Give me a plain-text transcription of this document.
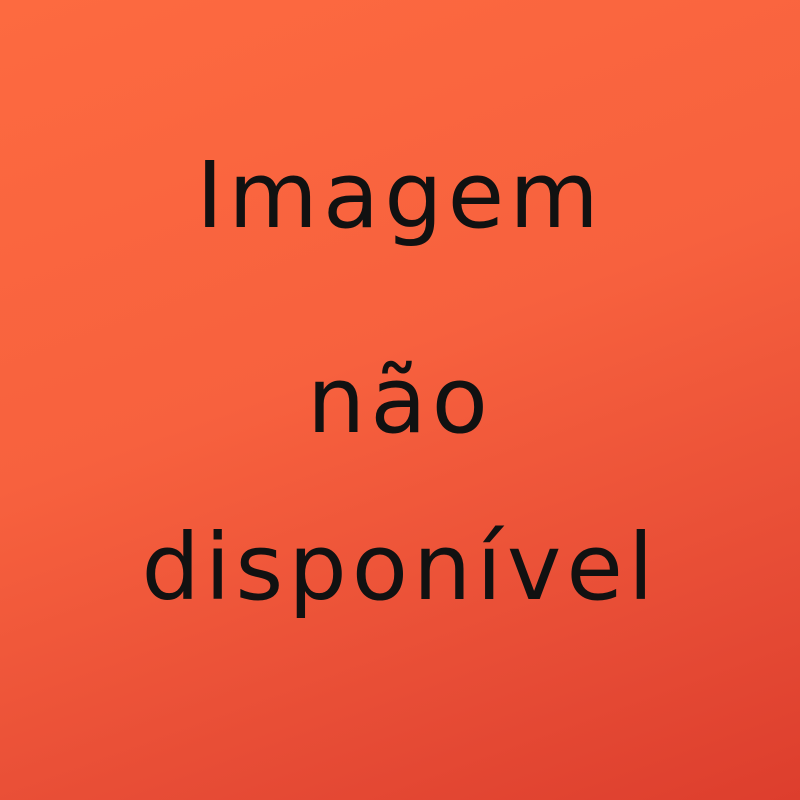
Imagem
não
disponível
